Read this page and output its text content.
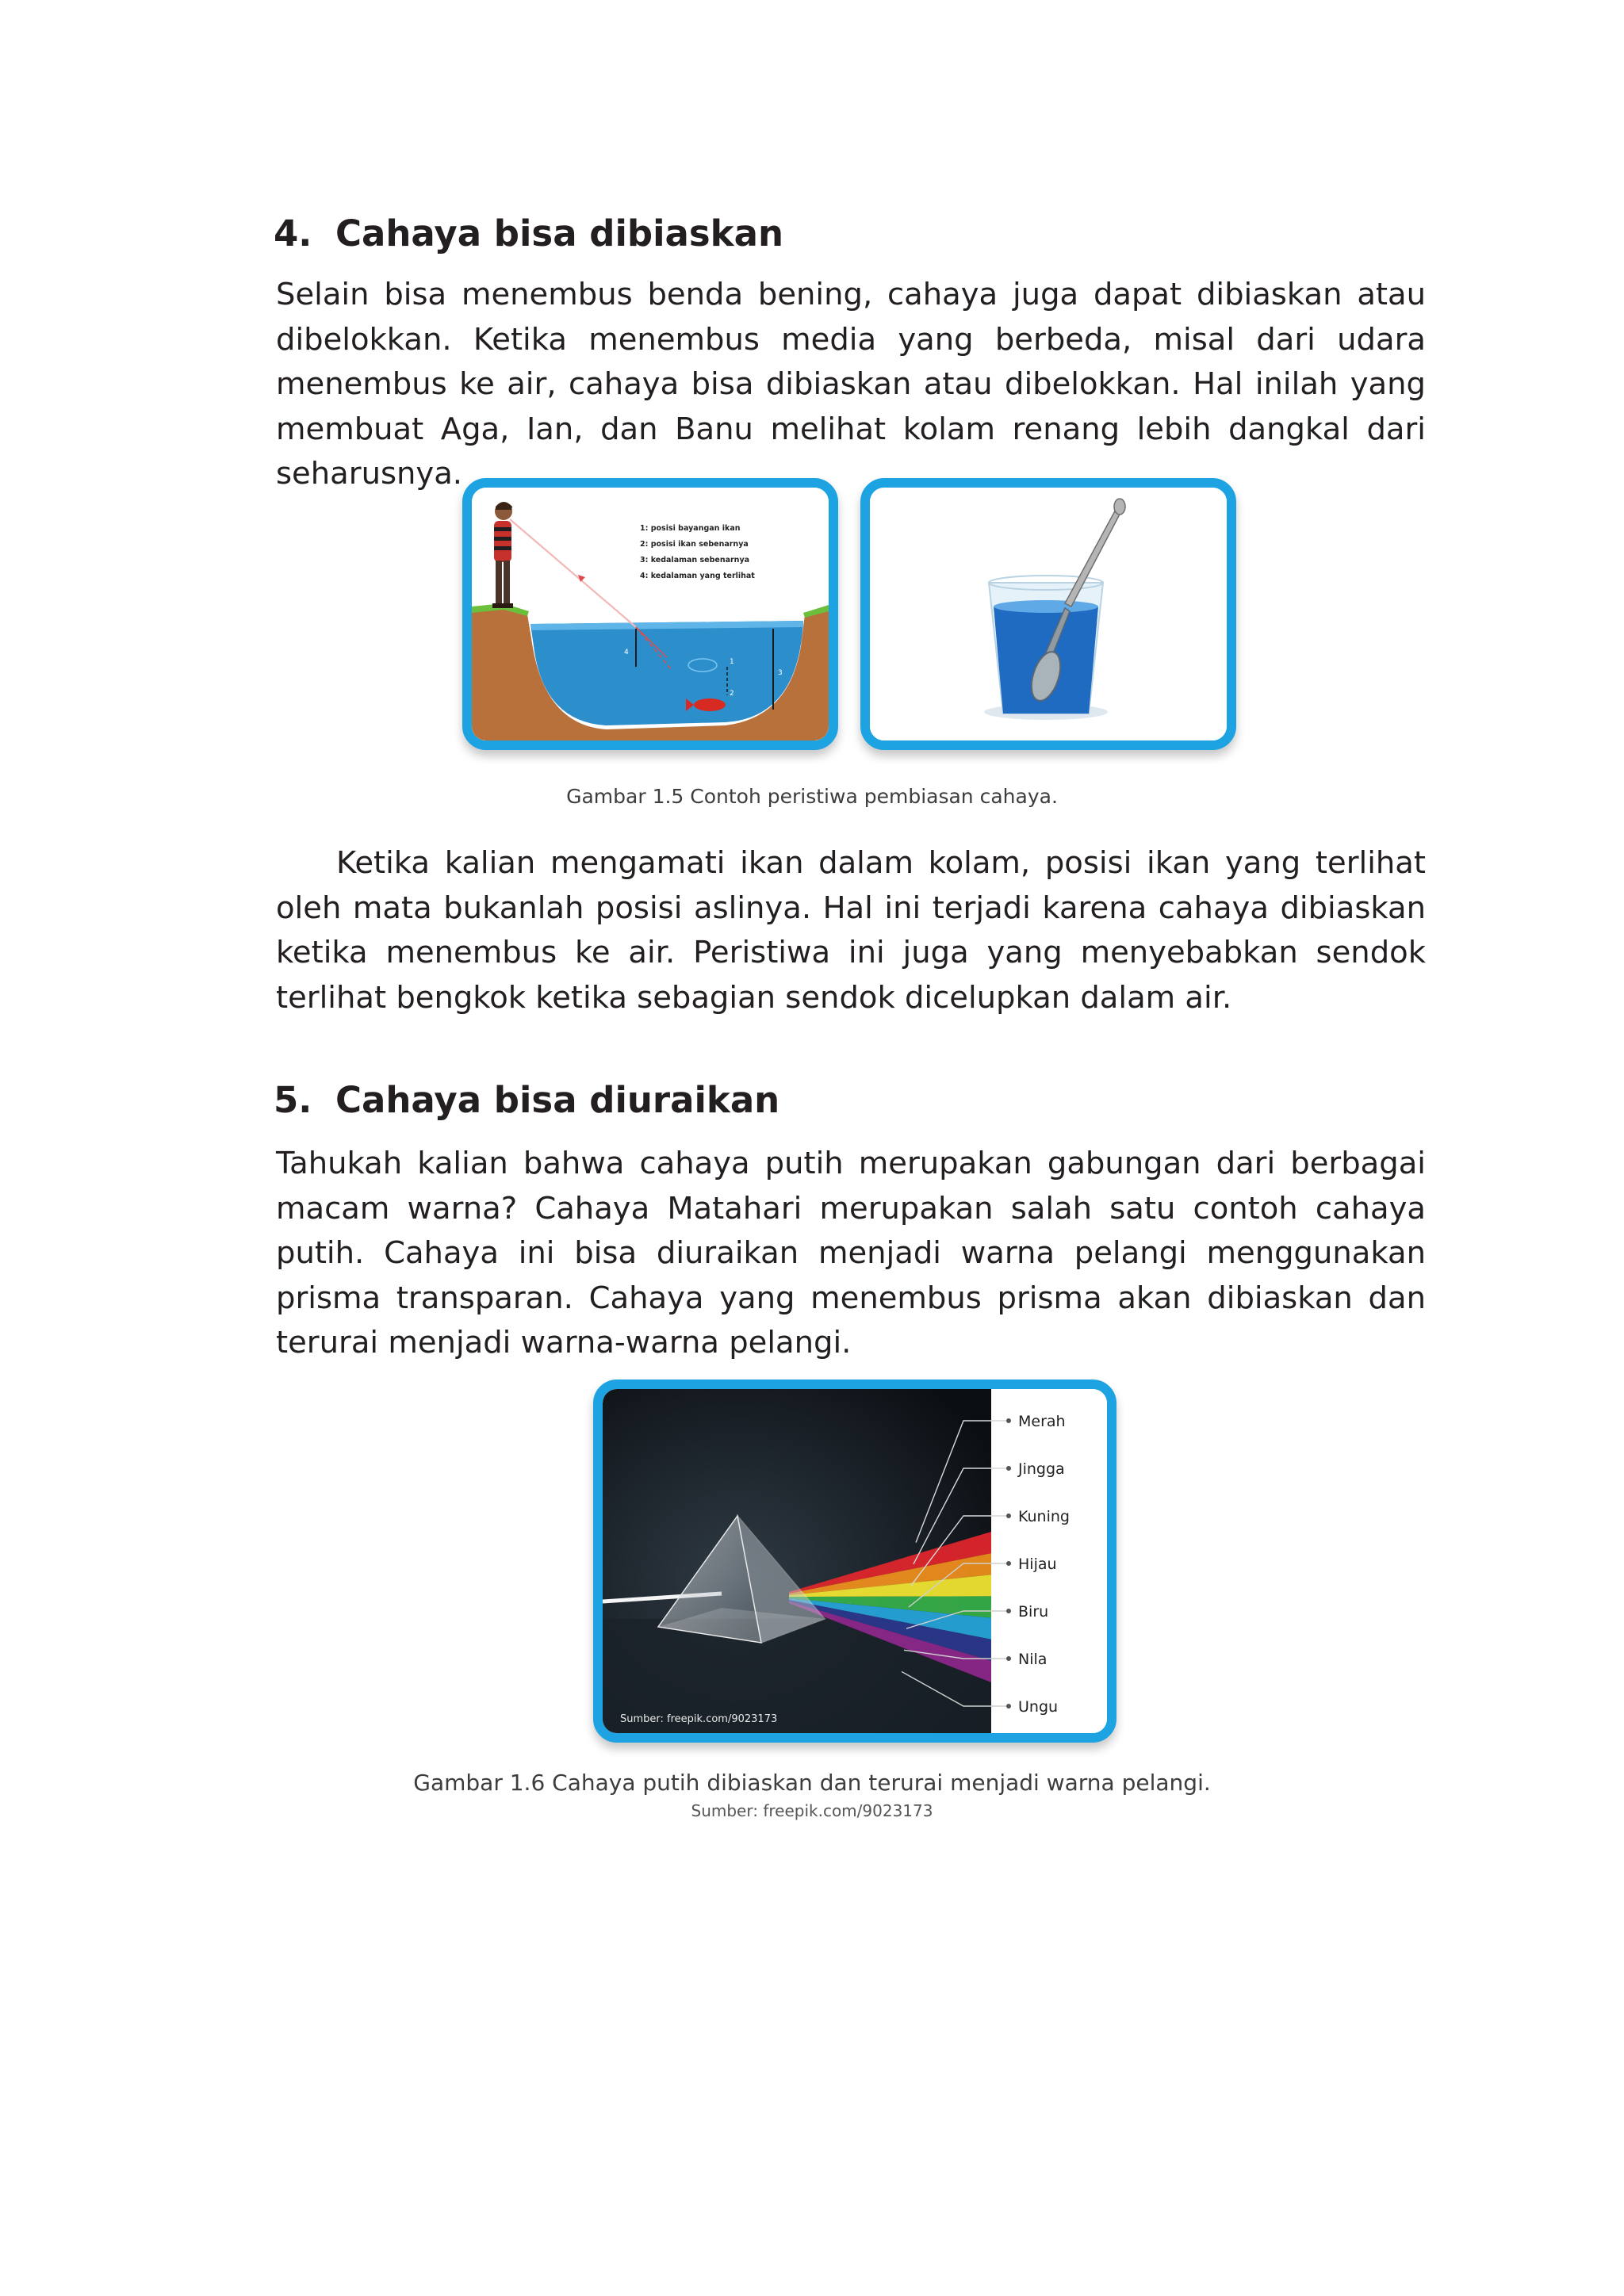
4. Cahaya bisa dibiaskan

Selain bisa menembus benda bening, cahaya juga dapat dibiaskan atau dibelokkan. Ketika menembus media yang berbeda, misal dari udara menembus ke air, cahaya bisa dibiaskan atau dibelokkan. Hal inilah yang membuat Aga, Ian, dan Banu melihat kolam renang lebih dangkal dari seharusnya.

1
2
3
4
1: posisi bayangan ikan
2: posisi ikan sebenarnya
3: kedalaman sebenarnya
4: kedalaman yang terlihat

Gambar 1.5 Contoh peristiwa pembiasan cahaya.

Ketika kalian mengamati ikan dalam kolam, posisi ikan yang terlihat oleh mata bukanlah posisi aslinya. Hal ini terjadi karena cahaya dibiaskan ketika menembus ke air. Peristiwa ini juga yang menyebabkan sendok terlihat bengkok ketika sebagian sendok dicelupkan dalam air.

5. Cahaya bisa diuraikan

Tahukah kalian bahwa cahaya putih merupakan gabungan dari berbagai macam warna? Cahaya Matahari merupakan salah satu contoh cahaya putih. Cahaya ini bisa diuraikan menjadi warna pelangi menggunakan prisma transparan. Cahaya yang menembus prisma akan dibiaskan dan terurai menjadi warna-warna pelangi.

Merah
Jingga
Kuning
Hijau
Biru
Nila
Ungu
Sumber: freepik.com/9023173

Gambar 1.6 Cahaya putih dibiaskan dan terurai menjadi warna pelangi.

Sumber: freepik.com/9023173
